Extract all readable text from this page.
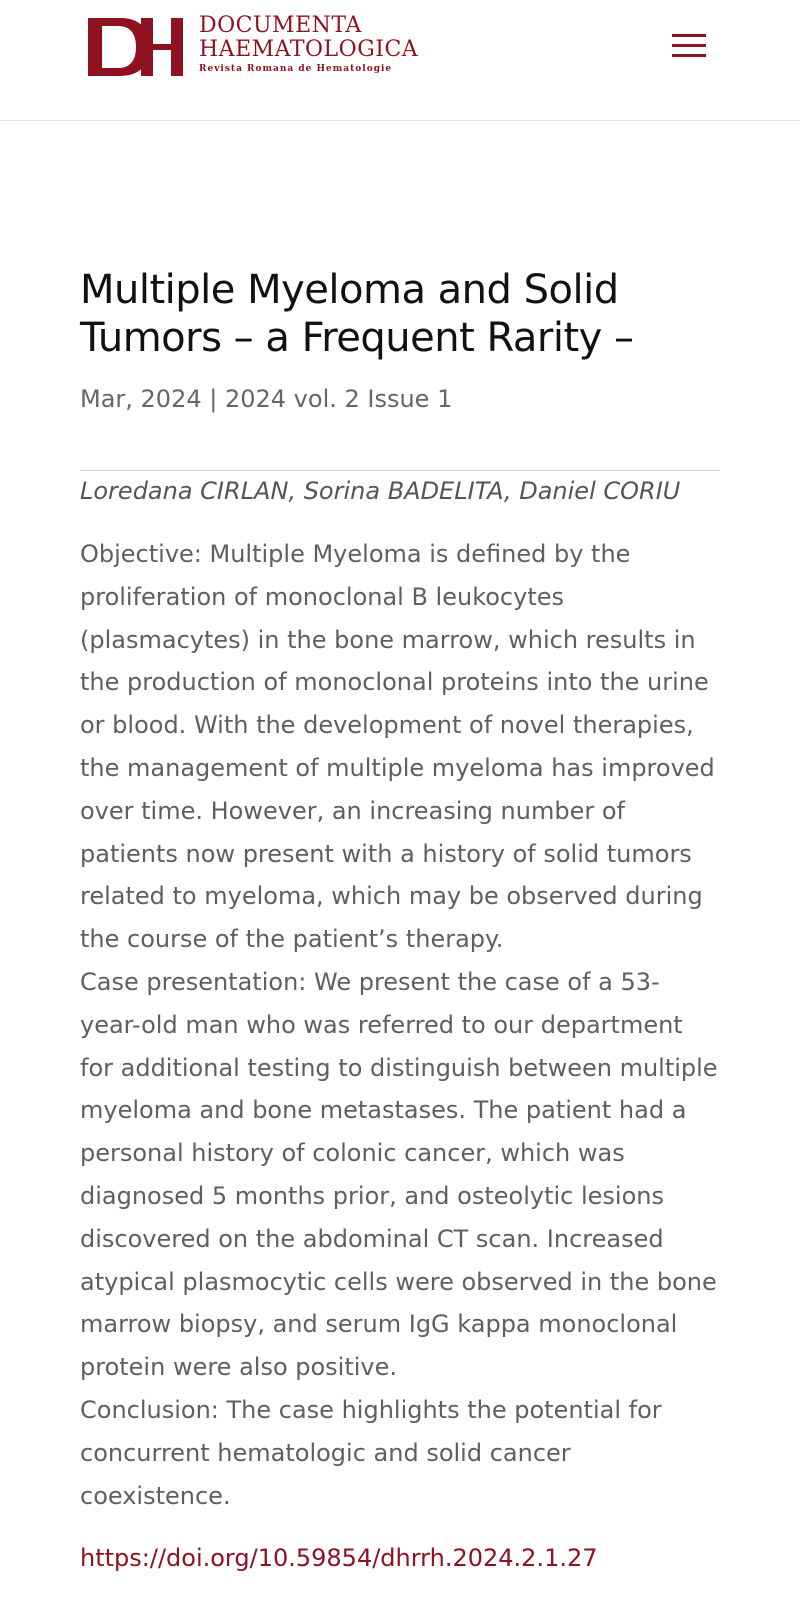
DOCUMENTA
HAEMATOLOGICA
Revista Romana de Hematologie
Multiple Myeloma and Solid Tumors – a Frequent Rarity –
Mar, 2024 | 2024 vol. 2 Issue 1
Loredana CIRLAN, Sorina BADELITA, Daniel CORIU

Objective: Multiple Myeloma is defined by the proliferation of monoclonal B leukocytes (plasmacytes) in the bone marrow, which results in the production of monoclonal proteins into the urine or blood. With the development of novel therapies, the management of multiple myeloma has improved over time. However, an increasing number of patients now present with a history of solid tumors related to myeloma, which may be observed during the course of the patient’s therapy.

Case presentation: We present the case of a 53-year-old man who was referred to our department for additional testing to distinguish between multiple myeloma and bone metastases. The patient had a personal history of colonic cancer, which was diagnosed 5 months prior, and osteolytic lesions discovered on the abdominal CT scan. Increased atypical plasmocytic cells were observed in the bone marrow biopsy, and serum IgG kappa monoclonal protein were also positive.

Conclusion: The case highlights the potential for concurrent hematologic and solid cancer coexistence.

https://doi.org/10.59854/dhrrh.2024.2.1.27
